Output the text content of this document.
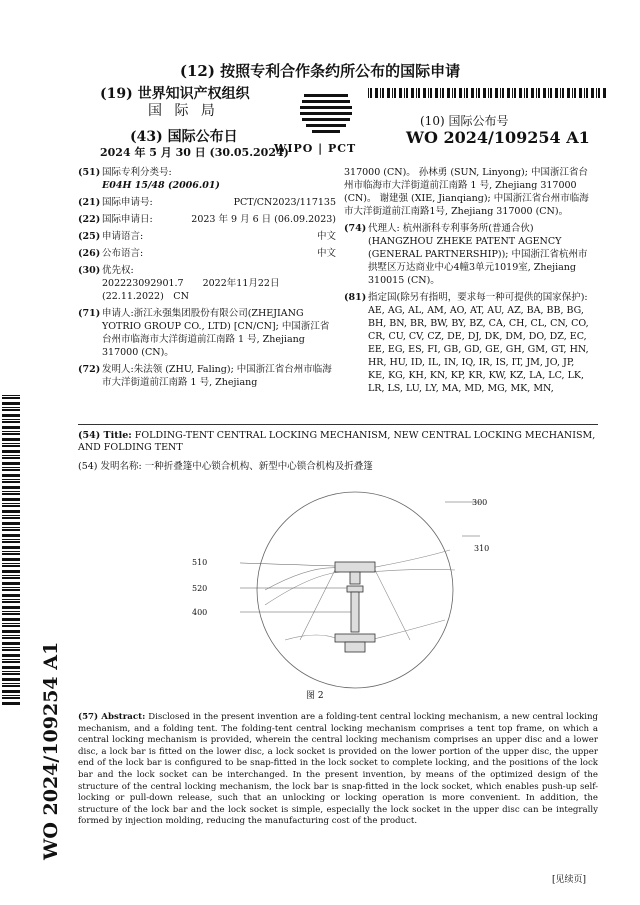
(12) 按照专利合作条约所公布的国际申请
(19) 世界知识产权组织
国 际 局
(43) 国际公布日
2024 年 5 月 30 日 (30.05.2024)
WIPO | PCT
(10) 国际公布号
WO 2024/109254 A1
(51) 国际专利分类号:
E04H 15/48 (2006.01)
(21) 国际申请号:	PCT/CN2023/117135
(22) 国际申请日:	2023 年 9 月 6 日 (06.09.2023)
(25) 申请语言:	中文
(26) 公布语言:	中文
(30) 优先权:
202223092901.7　　2022年11月22日 (22.11.2022)　CN
(71) 申请人:浙江永强集团股份有限公司(ZHEJIANG YOTRIO GROUP CO., LTD) [CN/CN]; 中国浙江省台州市临海市大洋街道前江南路 1 号, Zhejiang 317000 (CN)。
(72) 发明人:朱法领 (ZHU, Faling); 中国浙江省台州市临海市大洋街道前江南路 1 号, Zhejiang
317000 (CN)。 孙林勇 (SUN, Linyong); 中国浙江省台州市临海市大洋街道前江南路 1 号, Zhejiang 317000 (CN)。 谢建强 (XIE, Jianqiang); 中国浙江省台州市临海市大洋街道前江南路1号, Zhejiang 317000 (CN)。
(74) 代理人: 杭州浙科专利事务所(普通合伙) (HANGZHOU ZHEKE PATENT AGENCY (GENERAL PARTNERSHIP)); 中国浙江省杭州市拱墅区万达商业中心4幢3单元1019室, Zhejiang 310015 (CN)。
(81) 指定国(除另有指明，要求每一种可提供的国家保护): AE, AG, AL, AM, AO, AT, AU, AZ, BA, BB, BG, BH, BN, BR, BW, BY, BZ, CA, CH, CL, CN, CO, CR, CU, CV, CZ, DE, DJ, DK, DM, DO, DZ, EC, EE, EG, ES, FI, GB, GD, GE, GH, GM, GT, HN, HR, HU, ID, IL, IN, IQ, IR, IS, IT, JM, JO, JP, KE, KG, KH, KN, KP, KR, KW, KZ, LA, LC, LK, LR, LS, LU, LY, MA, MD, MG, MK, MN,
(54) Title: FOLDING-TENT CENTRAL LOCKING MECHANISM, NEW CENTRAL LOCKING MECHANISM, AND FOLDING TENT
(54) 发明名称: 一种折叠篷中心锁合机构、新型中心锁合机构及折叠篷
300
310
510
520
400
图 2
(57) Abstract: Disclosed in the present invention are a folding-tent central locking mechanism, a new central locking mechanism, and a folding tent. The folding-tent central locking mechanism comprises a tent top frame, on which a central locking mechanism is provided, wherein the central locking mechanism comprises an upper disc and a lower disc, a lock bar is fitted on the lower disc, a lock socket is provided on the lower portion of the upper disc, the upper end of the lock bar is configured to be snap-fitted in the lock socket to complete locking, and the positions of the lock bar and the lock socket can be interchanged. In the present invention, by means of the optimized design of the structure of the central locking mechanism, the lock bar is snap-fitted in the lock socket, which enables push-up self-locking or pull-down release, such that an unlocking or locking operation is more convenient. In addition, the structure of the lock bar and the lock socket is simple, especially the lock socket in the upper disc can be integrally formed by injection molding, reducing the manufacturing cost of the product.
WO 2024/109254 A1
[见续页]
